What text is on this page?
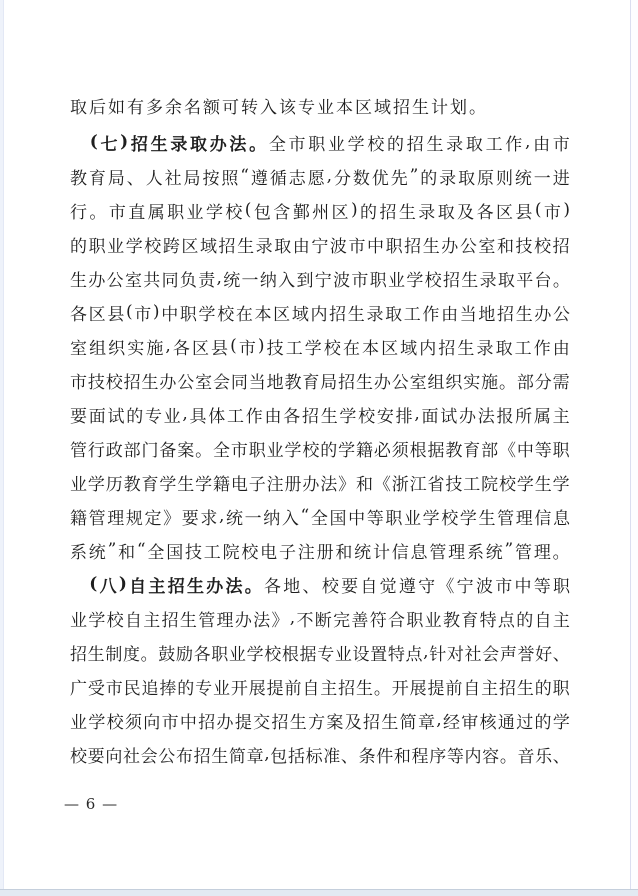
取后如有多余名额可转入该专业本区域招生计划。
( 七 ) 招 生 录 取 办 法 。 全 市 职 业 学 校 的 招 生 录 取 工 作 , 由 市
教 育 局 、 人 社 局 按 照 “ 遵 循 志 愿 , 分 数 优 先 ” 的 录 取 原 则 统 一 进
行 。 市 直 属 职 业 学 校 ( 包 含 鄞 州 区 ) 的 招 生 录 取 及 各 区 县 ( 市 )
的 职 业 学 校 跨 区 域 招 生 录 取 由 宁 波 市 中 职 招 生 办 公 室 和 技 校 招
生 办 公 室 共 同 负 责 , 统 一 纳 入 到 宁 波 市 职 业 学 校 招 生 录 取 平 台 。
各 区 县 ( 市 ) 中 职 学 校 在 本 区 域 内 招 生 录 取 工 作 由 当 地 招 生 办 公
室 组 织 实 施 , 各 区 县 ( 市 ) 技 工 学 校 在 本 区 域 内 招 生 录 取 工 作 由
市 技 校 招 生 办 公 室 会 同 当 地 教 育 局 招 生 办 公 室 组 织 实 施 。 部 分 需
要 面 试 的 专 业 , 具 体 工 作 由 各 招 生 学 校 安 排 , 面 试 办 法 报 所 属 主
管 行 政 部 门 备 案 。 全 市 职 业 学 校 的 学 籍 必 须 根 据 教 育 部 《 中 等 职
业 学 历 教 育 学 生 学 籍 电 子 注 册 办 法 》 和 《 浙 江 省 技 工 院 校 学 生 学
籍 管 理 规 定 》 要 求 , 统 一 纳 入 “ 全 国 中 等 职 业 学 校 学 生 管 理 信 息
系 统 ” 和 “ 全 国 技 工 院 校 电 子 注 册 和 统 计 信 息 管 理 系 统 ” 管 理 。
( 八 ) 自 主 招 生 办 法 。 各 地 、 校 要 自 觉 遵 守 《 宁 波 市 中 等 职
业 学 校 自 主 招 生 管 理 办 法 》 , 不 断 完 善 符 合 职 业 教 育 特 点 的 自 主
招 生 制 度 。 鼓 励 各 职 业 学 校 根 据 专 业 设 置 特 点 , 针 对 社 会 声 誉 好 、
广 受 市 民 追 捧 的 专 业 开 展 提 前 自 主 招 生 。 开 展 提 前 自 主 招 生 的 职
业 学 校 须 向 市 中 招 办 提 交 招 生 方 案 及 招 生 简 章 , 经 审 核 通 过 的 学
校 要 向 社 会 公 布 招 生 简 章 , 包 括 标 准 、 条 件 和 程 序 等 内 容 。 音 乐 、
— 6 —
